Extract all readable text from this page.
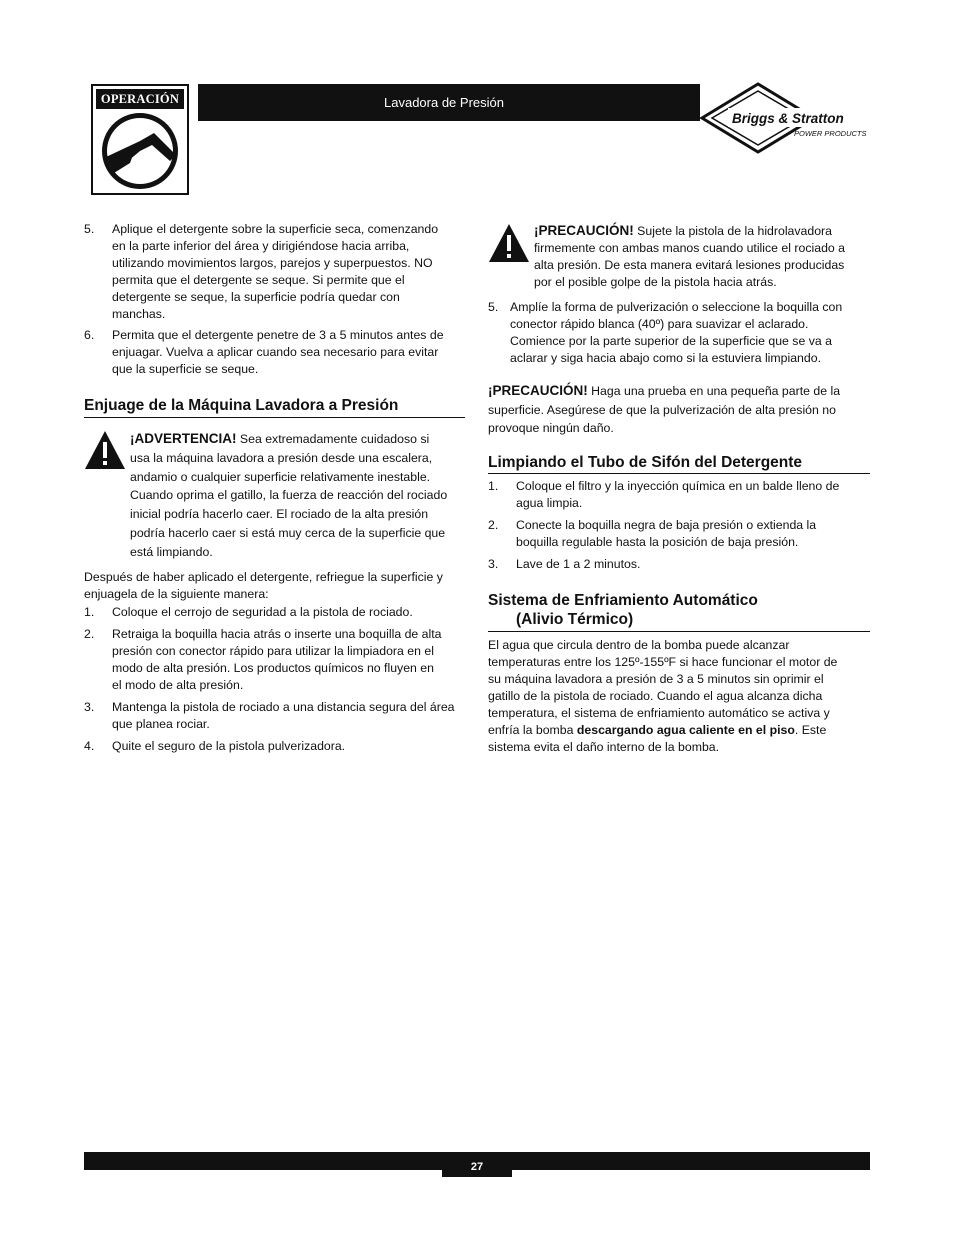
OPERACIÓN	Lavadora de Presión
Briggs & Stratton
POWER PRODUCTS
5. Aplique el detergente sobre la superficie seca, comenzando
en la parte inferior del área y dirigiéndose hacia arriba,
utilizando movimientos largos, parejos y superpuestos. NO
permita que el detergente se seque. Si permite que el
detergente se seque, la superficie podría quedar con
manchas.
6. Permita que el detergente penetre de 3 a 5 minutos antes de
enjuagar. Vuelva a aplicar cuando sea necesario para evitar
que la superficie se seque.
Enjuage de la Máquina Lavadora a Presión
¡ADVERTENCIA! Sea extremadamente cuidadoso si
usa la máquina lavadora a presión desde una escalera,
andamio o cualquier superficie relativamente inestable.
Cuando oprima el gatillo, la fuerza de reacción del rociado
inicial podría hacerlo caer. El rociado de la alta presión
podría hacerlo caer si está muy cerca de la superficie que
está limpiando.
Después de haber aplicado el detergente, refriegue la superficie y
enjuagela de la siguiente manera:
1. Coloque el cerrojo de seguridad a la pistola de rociado.
2. Retraiga la boquilla hacia atrás o inserte una boquilla de alta
presión con conector rápido para utilizar la limpiadora en el
modo de alta presión. Los productos químicos no fluyen en
el modo de alta presión.
3. Mantenga la pistola de rociado a una distancia segura del área
que planea rociar.
4. Quite el seguro de la pistola pulverizadora.
¡PRECAUCIÓN! Sujete la pistola de la hidrolavadora
firmemente con ambas manos cuando utilice el rociado a
alta presión. De esta manera evitará lesiones producidas
por el posible golpe de la pistola hacia atrás.
5. Amplíe la forma de pulverización o seleccione la boquilla con
conector rápido blanca (40º) para suavizar el aclarado.
Comience por la parte superior de la superficie que se va a
aclarar y siga hacia abajo como si la estuviera limpiando.
¡PRECAUCIÓN! Haga una prueba en una pequeña parte de la
superficie. Asegúrese de que la pulverización de alta presión no
provoque ningún daño.
Limpiando el Tubo de Sifón del Detergente
1. Coloque el filtro y la inyección química en un balde lleno de
agua limpia.
2. Conecte la boquilla negra de baja presión o extienda la
boquilla regulable hasta la posición de baja presión.
3. Lave de 1 a 2 minutos.
Sistema de Enfriamiento Automático
(Alivio Térmico)
El agua que circula dentro de la bomba puede alcanzar
temperaturas entre los 125º-155ºF si hace funcionar el motor de
su máquina lavadora a presión de 3 a 5 minutos sin oprimir el
gatillo de la pistola de rociado. Cuando el agua alcanza dicha
temperatura, el sistema de enfriamiento automático se activa y
enfría la bomba descargando agua caliente en el piso. Este
sistema evita el daño interno de la bomba.
27
